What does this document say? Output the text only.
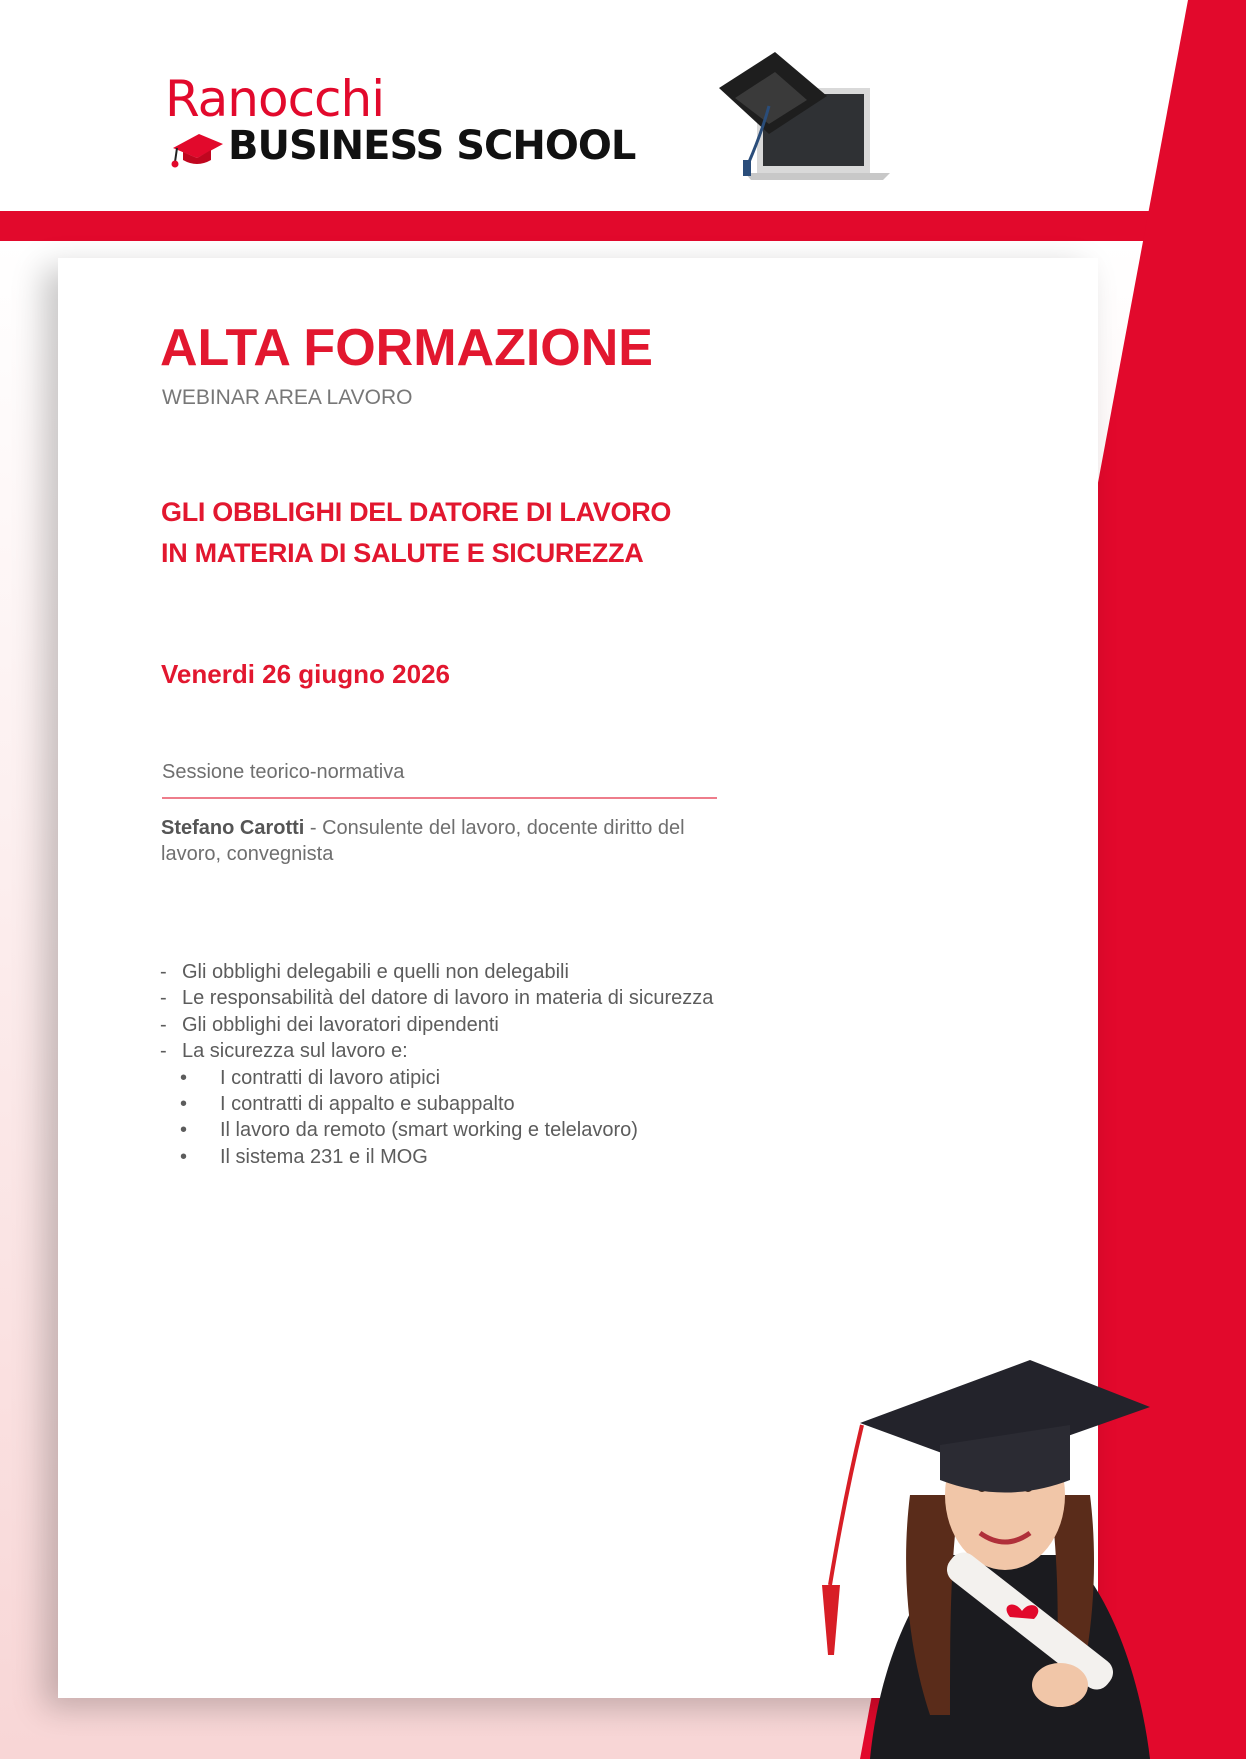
Ranocchi
BUSINESS SCHOOL
ALTA FORMAZIONE
WEBINAR AREA LAVORO
GLI OBBLIGHI DEL DATORE DI LAVORO
IN MATERIA DI SALUTE E SICUREZZA
Venerdi 26 giugno 2026
Sessione teorico-normativa
Stefano Carotti - Consulente del lavoro, docente diritto del lavoro, convegnista
- Gli obblighi delegabili e quelli non delegabili
- Le responsabilità del datore di lavoro in materia di sicurezza
- Gli obblighi dei lavoratori dipendenti
- La sicurezza sul lavoro e:
• I contratti di lavoro atipici
• I contratti di appalto e subappalto
• Il lavoro da remoto (smart working e telelavoro)
• Il sistema 231 e il MOG
